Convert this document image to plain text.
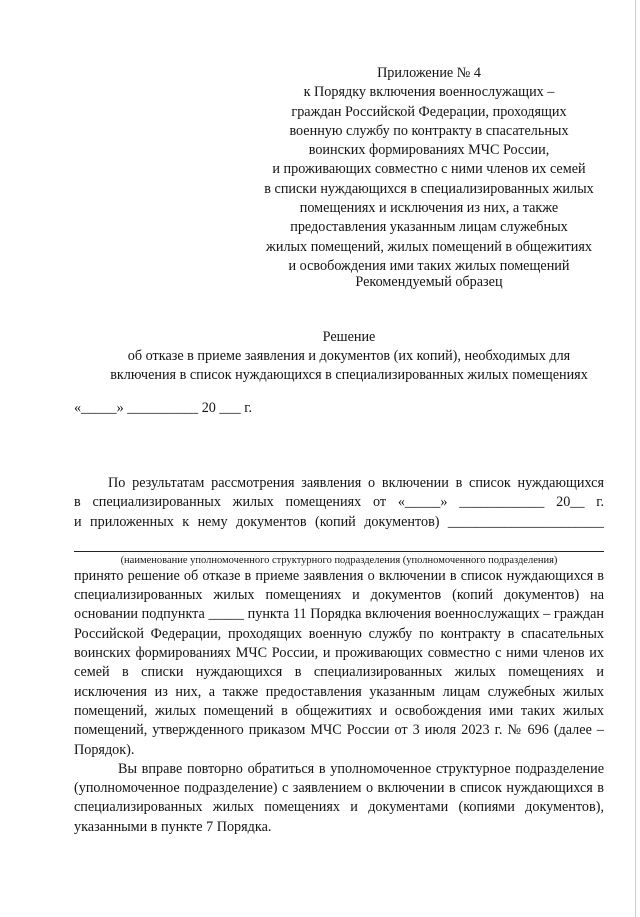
Приложение № 4
к Порядку включения военнослужащих –
граждан Российской Федерации, проходящих
военную службу по контракту в спасательных
воинских формированиях МЧС России,
и проживающих совместно с ними членов их семей
в списки нуждающихся в специализированных жилых
помещениях и исключения из них, а также
предоставления указанным лицам служебных
жилых помещений, жилых помещений в общежитиях
и освобождения ими таких жилых помещений
Рекомендуемый образец
Решение
об отказе в приеме заявления и документов (их копий), необходимых для
включения в список нуждающихся в специализированных жилых помещениях
«_____» __________ 20 ___ г.

По результатам рассмотрения заявления о включении в список нуждающихся

в специализированных жилых помещениях от «_____» ____________ 20__ г.

и приложенных к нему документов (копий документов) ______________________

(наименование уполномоченного структурного подразделения (уполномоченного подразделения)

принято решение об отказе в приеме заявления о включении в список нуждающихся в специализированных жилых помещениях и документов (копий документов) на основании подпункта _____ пункта 11 Порядка включения военнослужащих – граждан Российской Федерации, проходящих военную службу по контракту в спасательных воинских формированиях МЧС России, и проживающих совместно с ними членов их семей в списки нуждающихся в специализированных жилых помещениях и исключения из них, а также предоставления указанным лицам служебных жилых помещений, жилых помещений в общежитиях и освобождения ими таких жилых помещений, утвержденного приказом МЧС России от 3 июля 2023 г. № 696 (далее – Порядок).

Вы вправе повторно обратиться в уполномоченное структурное подразделение (уполномоченное подразделение) с заявлением о включении в список нуждающихся в специализированных жилых помещениях и документами (копиями документов), указанными в пункте 7 Порядка.
